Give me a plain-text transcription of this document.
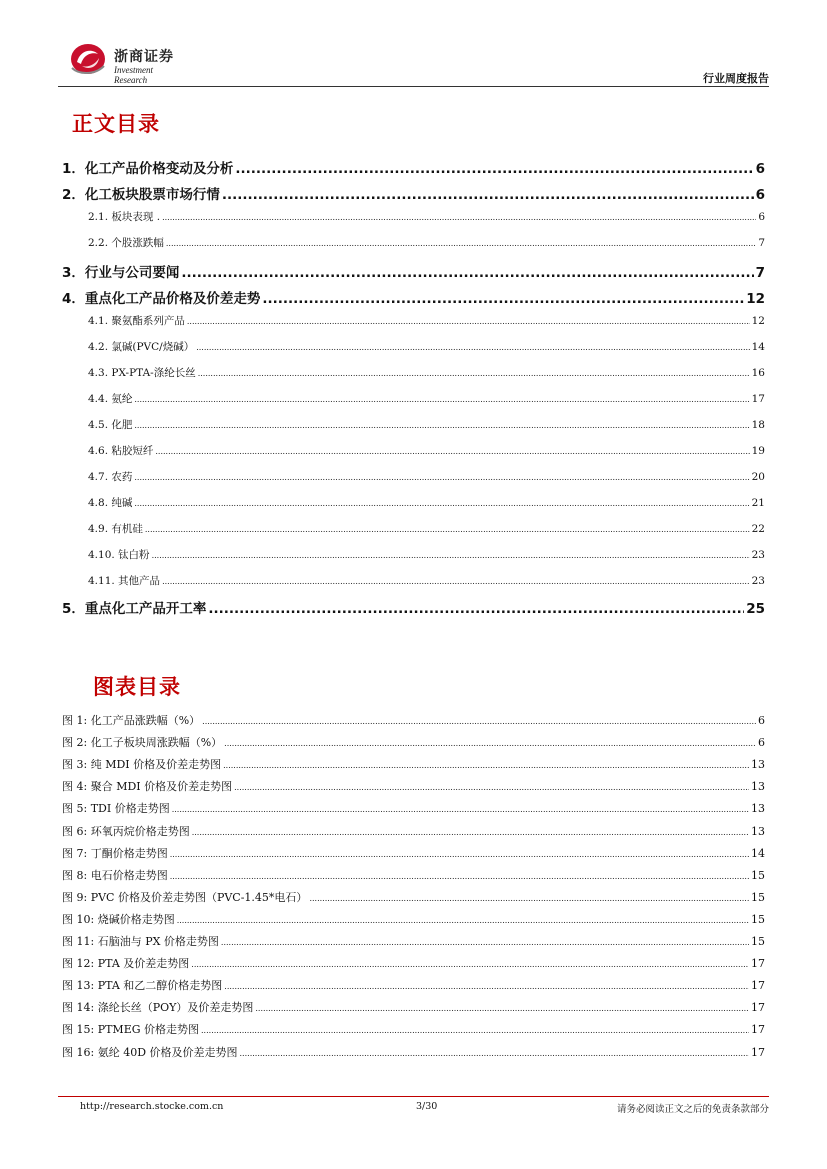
浙商证券
Investment Research	行业周度报告
正文目录
1．化工产品价格变动及分析 .....	6
2．化工板块股票市场行情 .....	6
2.1. 板块表现 . .....	6
2.2. 个股涨跌幅 .....	7
3．行业与公司要闻 .....	7
4．重点化工产品价格及价差走势 .....	12
4.1. 聚氨酯系列产品 .....	12
4.2. 氯碱(PVC/烧碱） .....	14
4.3. PX-PTA-涤纶长丝 .....	16
4.4. 氨纶 .....	17
4.5. 化肥 .....	18
4.6. 粘胶短纤 .....	19
4.7. 农药 .....	20
4.8. 纯碱 .....	21
4.9. 有机硅 .....	22
4.10. 钛白粉 .....	23
4.11. 其他产品 .....	23
5．重点化工产品开工率 .....	25
图表目录
图 1: 化工产品涨跌幅（%） .....	6
图 2: 化工子板块周涨跌幅（%） .....	6
图 3: 纯 MDI 价格及价差走势图 .....	13
图 4: 聚合 MDI 价格及价差走势图 .....	13
图 5: TDI 价格走势图 .....	13
图 6: 环氧丙烷价格走势图 .....	13
图 7: 丁酮价格走势图 .....	14
图 8: 电石价格走势图 .....	15
图 9: PVC 价格及价差走势图（PVC-1.45*电石） .....	15
图 10: 烧碱价格走势图 .....	15
图 11: 石脑油与 PX 价格走势图 .....	15
图 12: PTA 及价差走势图 .....	17
图 13: PTA 和乙二醇价格走势图 .....	17
图 14: 涤纶长丝（POY）及价差走势图 .....	17
图 15: PTMEG 价格走势图 .....	17
图 16: 氨纶 40D 价格及价差走势图 .....	17
http://research.stocke.com.cn	3/30	请务必阅读正文之后的免责条款部分
